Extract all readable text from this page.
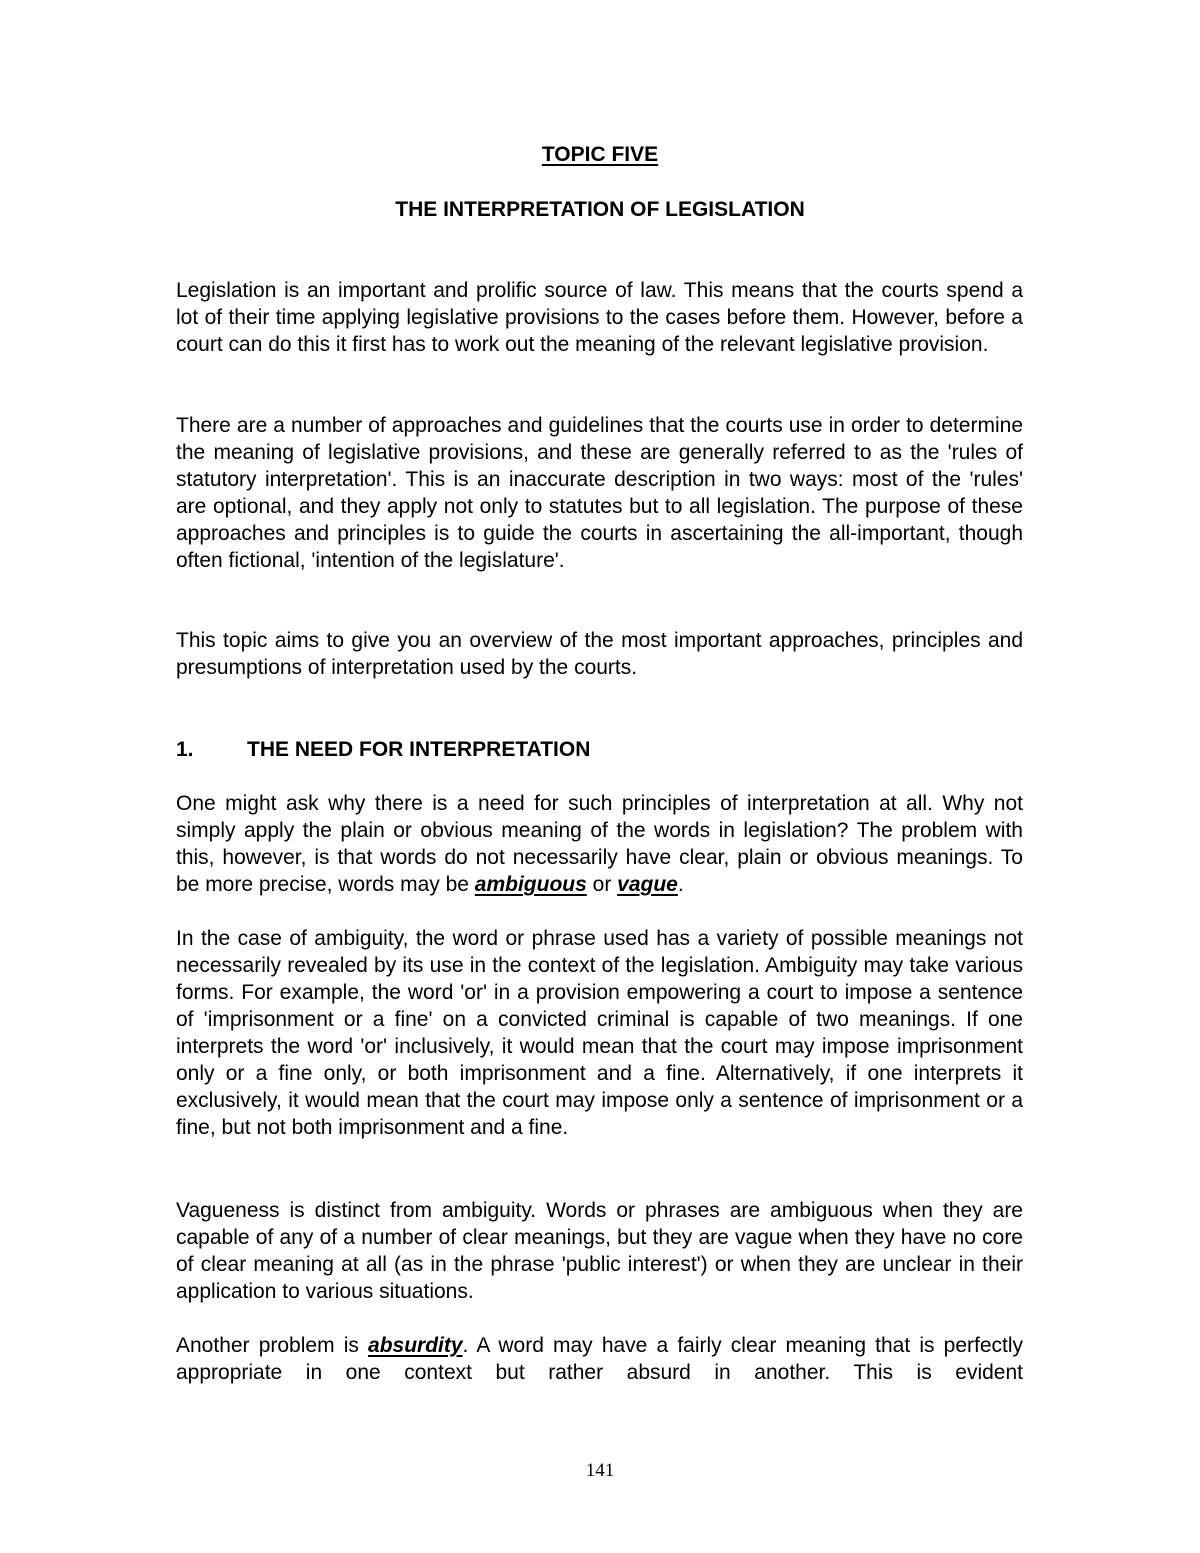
TOPIC FIVE
THE INTERPRETATION OF LEGISLATION

Legislation is an important and prolific source of law. This means that the courts spend a lot of their time applying legislative provisions to the cases before them. However, before a court can do this it first has to work out the meaning of the relevant legislative provision.

There are a number of approaches and guidelines that the courts use in order to determine the meaning of legislative provisions, and these are generally referred to as the 'rules of statutory interpretation'. This is an inaccurate description in two ways: most of the 'rules' are optional, and they apply not only to statutes but to all legislation. The purpose of these approaches and principles is to guide the courts in ascertaining the all-important, though often fictional, 'intention of the legislature'.

This topic aims to give you an overview of the most important approaches, principles and presumptions of interpretation used by the courts.

1.	THE NEED FOR INTERPRETATION

One might ask why there is a need for such principles of interpretation at all. Why not simply apply the plain or obvious meaning of the words in legislation? The problem with this, however, is that words do not necessarily have clear, plain or obvious meanings. To be more precise, words may be ambiguous or vague.

In the case of ambiguity, the word or phrase used has a variety of possible meanings not necessarily revealed by its use in the context of the legislation. Ambiguity may take various forms. For example, the word 'or' in a provision empowering a court to impose a sentence of 'imprisonment or a fine' on a convicted criminal is capable of two meanings. If one interprets the word 'or' inclusively, it would mean that the court may impose imprisonment only or a fine only, or both imprisonment and a fine. Alternatively, if one interprets it exclusively, it would mean that the court may impose only a sentence of imprisonment or a fine, but not both imprisonment and a fine.

Vagueness is distinct from ambiguity. Words or phrases are ambiguous when they are capable of any of a number of clear meanings, but they are vague when they have no core of clear meaning at all (as in the phrase 'public interest') or when they are unclear in their application to various situations.

Another problem is absurdity. A word may have a fairly clear meaning that is perfectly appropriate in one context but rather absurd in another. This is evident

141
